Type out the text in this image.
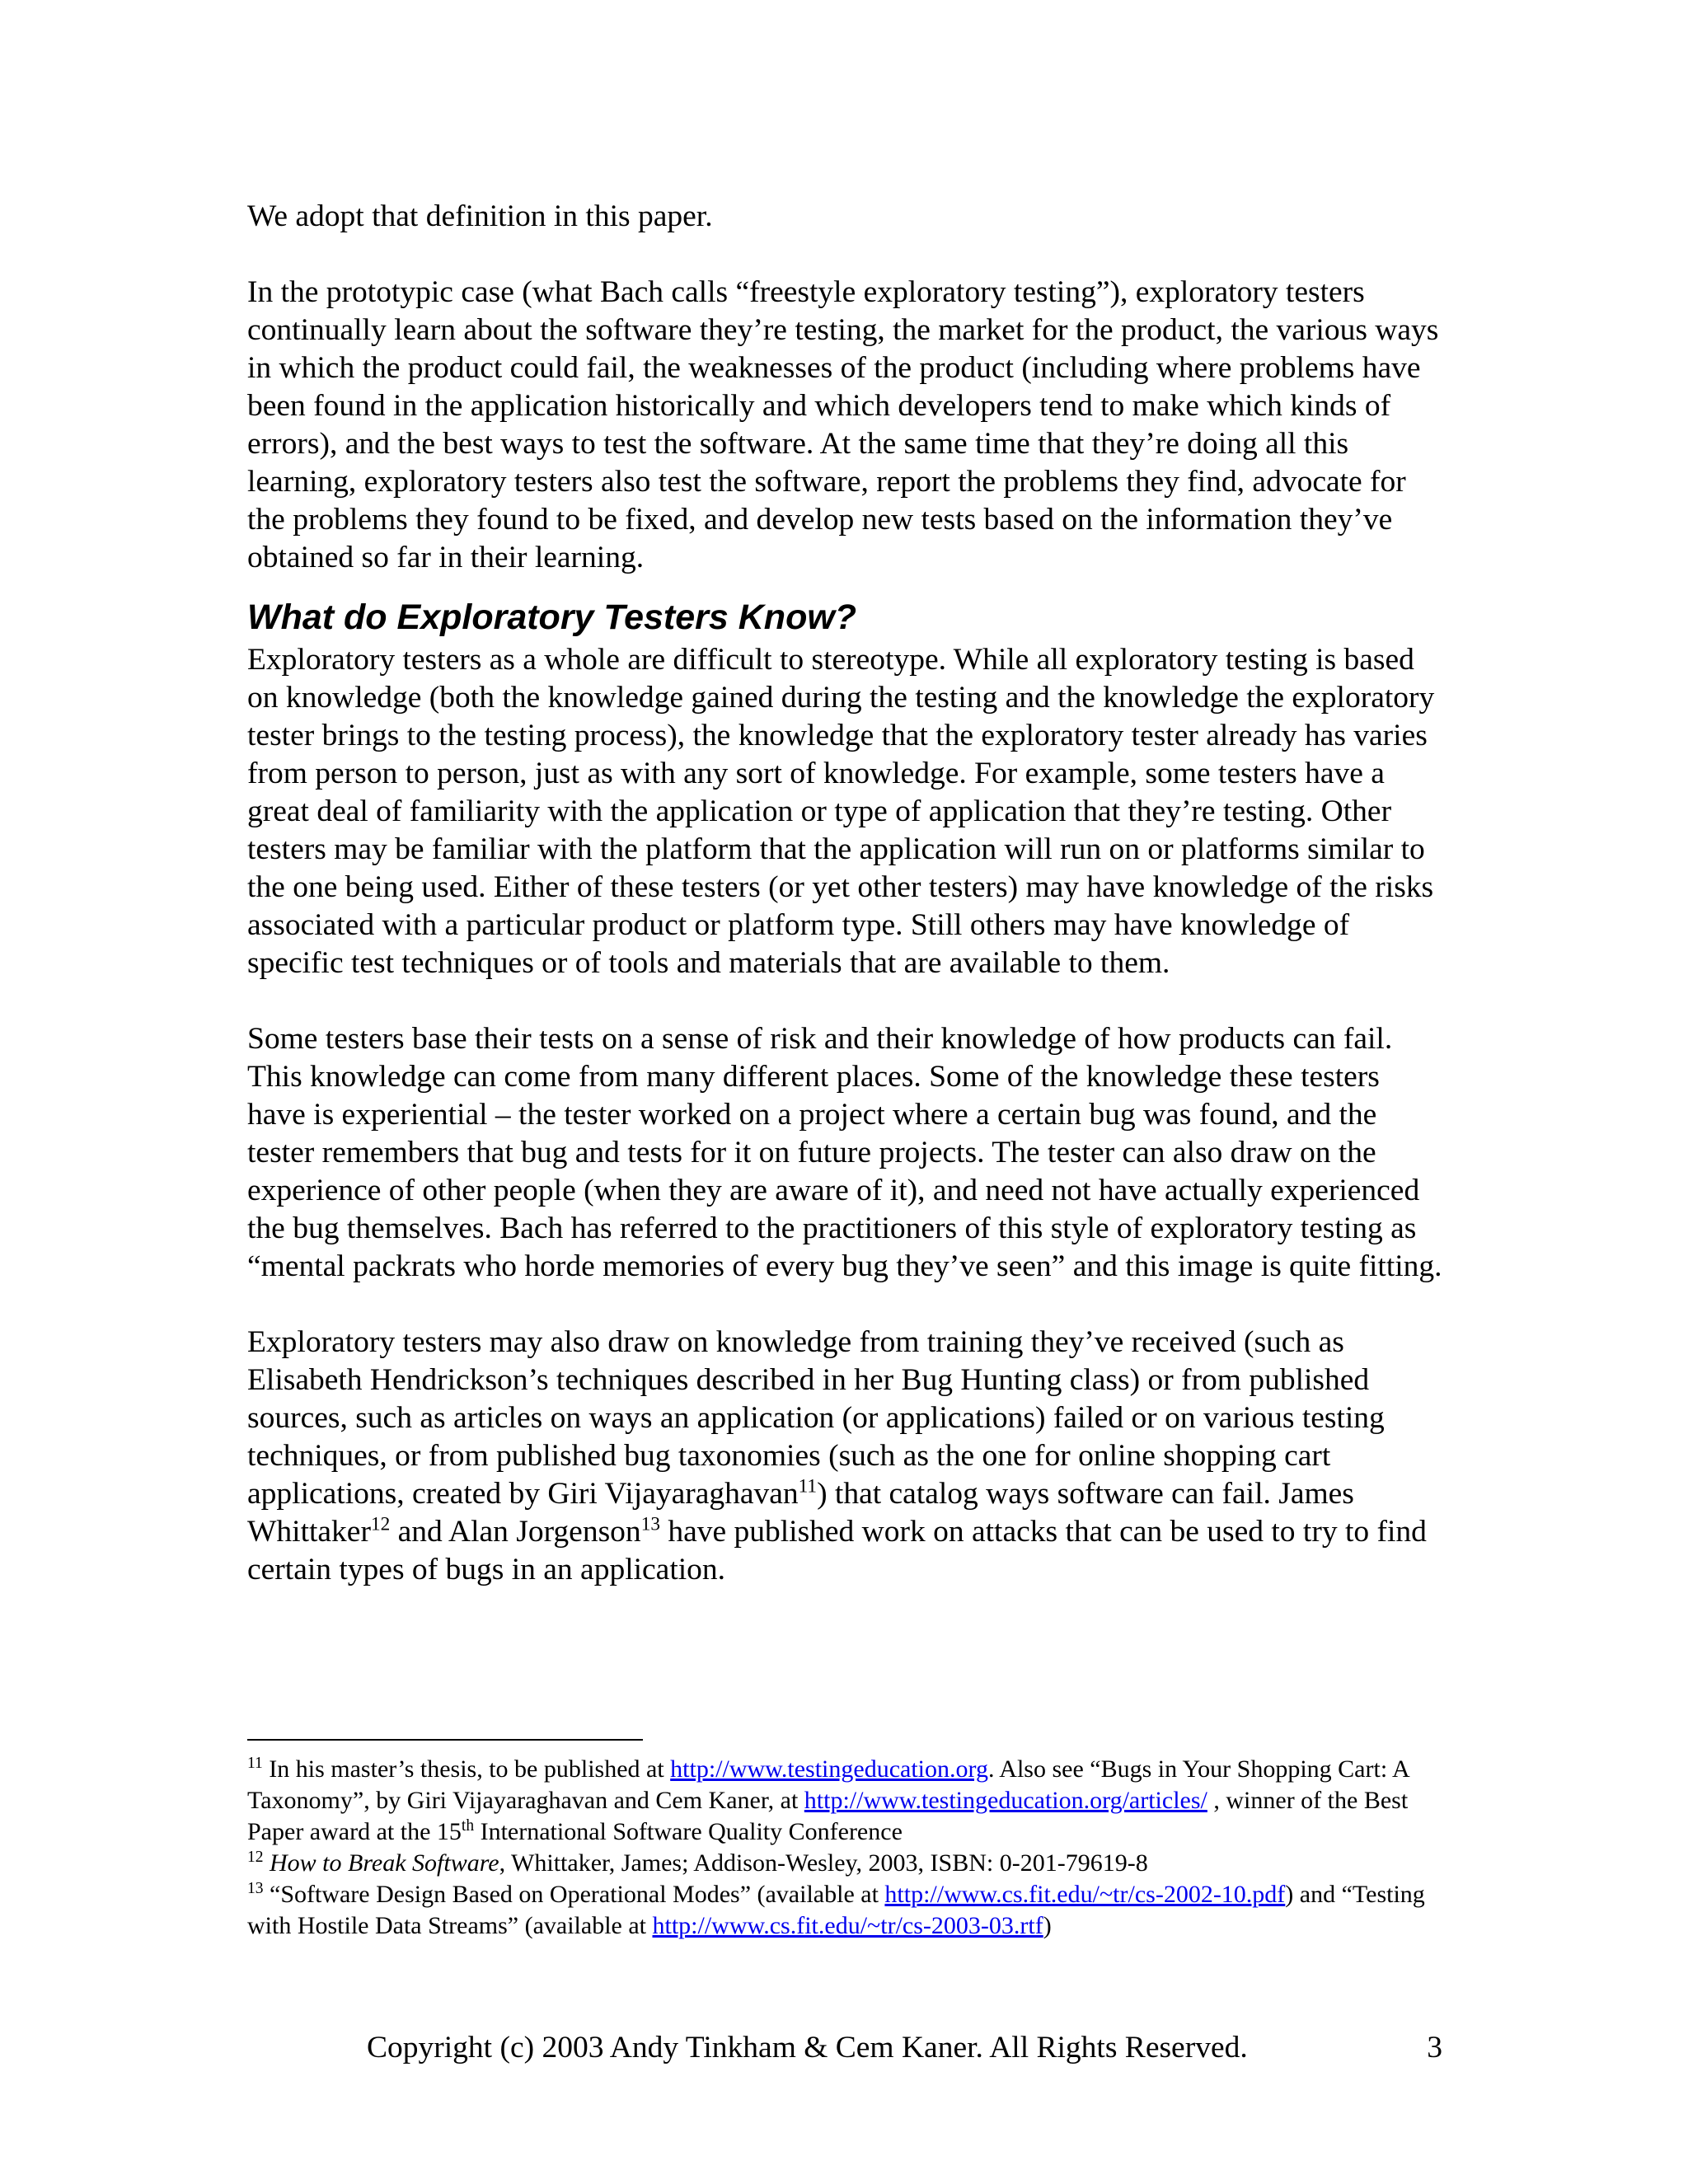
We adopt that definition in this paper.

In the prototypic case (what Bach calls “freestyle exploratory testing”), exploratory testers continually learn about the software they’re testing, the market for the product, the various ways in which the product could fail, the weaknesses of the product (including where problems have been found in the application historically and which developers tend to make which kinds of errors), and the best ways to test the software. At the same time that they’re doing all this learning, exploratory testers also test the software, report the problems they find, advocate for the problems they found to be fixed, and develop new tests based on the information they’ve obtained so far in their learning.

What do Exploratory Testers Know?

Exploratory testers as a whole are difficult to stereotype. While all exploratory testing is based on knowledge (both the knowledge gained during the testing and the knowledge the exploratory tester brings to the testing process), the knowledge that the exploratory tester already has varies from person to person, just as with any sort of knowledge. For example, some testers have a great deal of familiarity with the application or type of application that they’re testing. Other testers may be familiar with the platform that the application will run on or platforms similar to the one being used. Either of these testers (or yet other testers) may have knowledge of the risks associated with a particular product or platform type. Still others may have knowledge of specific test techniques or of tools and materials that are available to them.

Some testers base their tests on a sense of risk and their knowledge of how products can fail. This knowledge can come from many different places. Some of the knowledge these testers have is experiential – the tester worked on a project where a certain bug was found, and the tester remembers that bug and tests for it on future projects. The tester can also draw on the experience of other people (when they are aware of it), and need not have actually experienced the bug themselves. Bach has referred to the practitioners of this style of exploratory testing as “mental packrats who horde memories of every bug they’ve seen” and this image is quite fitting.

Exploratory testers may also draw on knowledge from training they’ve received (such as Elisabeth Hendrickson’s techniques described in her Bug Hunting class) or from published sources, such as articles on ways an application (or applications) failed or on various testing techniques, or from published bug taxonomies (such as the one for online shopping cart applications, created by Giri Vijayaraghavan$^{11}$) that catalog ways software can fail. James Whittaker$^{12}$ and Alan Jorgenson$^{13}$ have published work on attacks that can be used to try to find certain types of bugs in an application.

$^{11}$ In his master’s thesis, to be published at http://www.testingeducation.org. Also see “Bugs in Your Shopping Cart: A Taxonomy”, by Giri Vijayaraghavan and Cem Kaner, at http://www.testingeducation.org/articles/ , winner of the Best Paper award at the 15th International Software Quality Conference

$^{12}$ How to Break Software, Whittaker, James; Addison-Wesley, 2003, ISBN: 0-201-79619-8

$^{13}$ “Software Design Based on Operational Modes” (available at http://www.cs.fit.edu/~tr/cs-2002-10.pdf) and “Testing with Hostile Data Streams” (available at http://www.cs.fit.edu/~tr/cs-2003-03.rtf)

Copyright (c) 2003 Andy Tinkham & Cem Kaner. All Rights Reserved.	3
